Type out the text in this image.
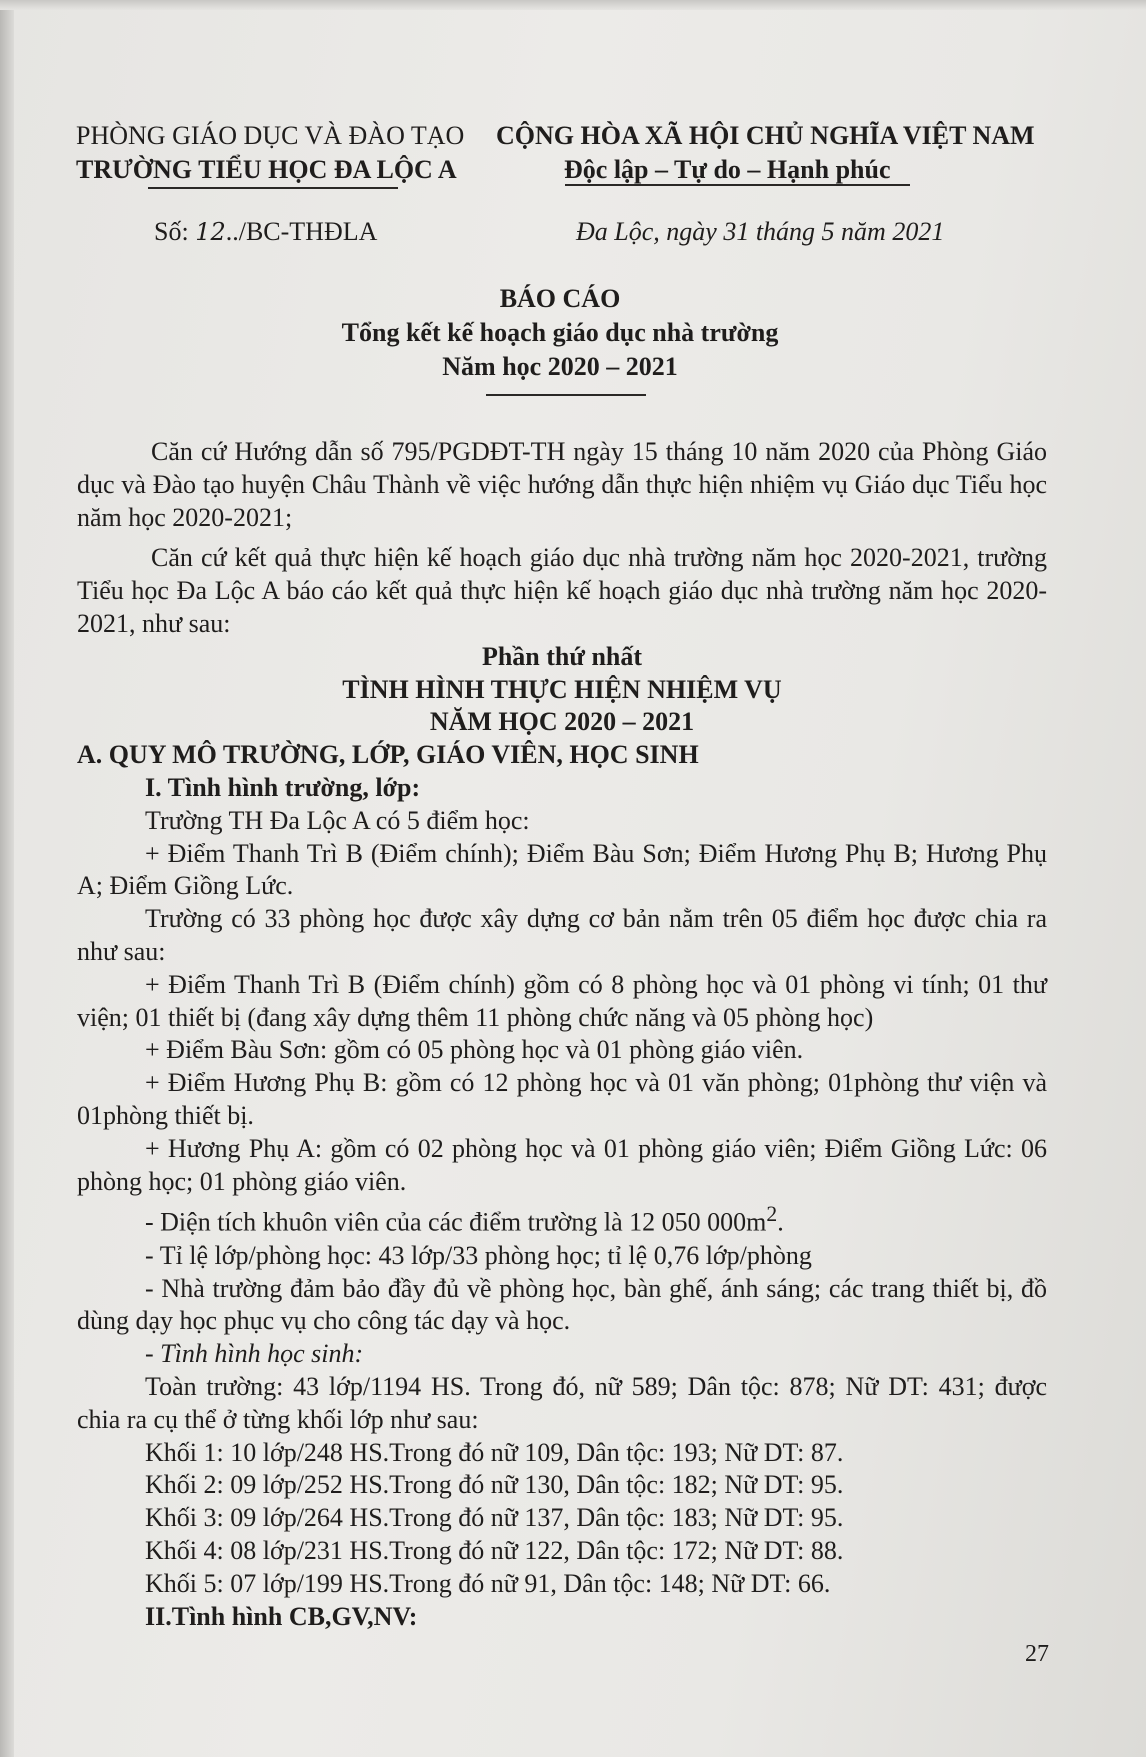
PHÒNG GIÁO DỤC VÀ ĐÀO TẠO
TRƯỜNG TIỂU HỌC ĐA LỘC A
CỘNG HÒA XÃ HỘI CHỦ NGHĨA VIỆT NAM
Độc lập – Tự do – Hạnh phúc
Số: 12../BC-THĐLA	Đa Lộc, ngày 31 tháng 5 năm 2021
BÁO CÁO
Tổng kết kế hoạch giáo dục nhà trường
Năm học 2020 – 2021

Căn cứ Hướng dẫn số 795/PGDĐT-TH ngày 15 tháng 10 năm 2020 của Phòng Giáo dục và Đào tạo huyện Châu Thành về việc hướng dẫn thực hiện nhiệm vụ Giáo dục Tiểu học năm học 2020-2021;

Căn cứ kết quả thực hiện kế hoạch giáo dục nhà trường năm học 2020-2021, trường Tiểu học Đa Lộc A báo cáo kết quả thực hiện kế hoạch giáo dục nhà trường năm học 2020-2021, như sau:

Phần thứ nhất

TÌNH HÌNH THỰC HIỆN NHIỆM VỤ

NĂM HỌC 2020 – 2021

A. QUY MÔ TRƯỜNG, LỚP, GIÁO VIÊN, HỌC SINH

I. Tình hình trường, lớp:

Trường TH Đa Lộc A có 5 điểm học:

+ Điểm Thanh Trì B (Điểm chính); Điểm Bàu Sơn; Điểm Hương Phụ B; Hương Phụ A; Điểm Giồng Lức.

Trường có 33 phòng học được xây dựng cơ bản nằm trên 05 điểm học được chia ra như sau:

+ Điểm Thanh Trì B (Điểm chính) gồm có 8 phòng học và 01 phòng vi tính; 01 thư viện; 01 thiết bị (đang xây dựng thêm 11 phòng chức năng và 05 phòng học)

+ Điểm Bàu Sơn: gồm có 05 phòng học và 01 phòng giáo viên.

+ Điểm Hương Phụ B: gồm có 12 phòng học và 01 văn phòng; 01phòng thư viện và 01phòng thiết bị.

+ Hương Phụ A: gồm có 02 phòng học và 01 phòng giáo viên; Điểm Giồng Lức: 06 phòng học; 01 phòng giáo viên.

- Diện tích khuôn viên của các điểm trường là 12 050 $000m^2$.

- Tỉ lệ lớp/phòng học: 43 lớp/33 phòng học; tỉ lệ 0,76 lớp/phòng

- Nhà trường đảm bảo đầy đủ về phòng học, bàn ghế, ánh sáng; các trang thiết bị, đồ dùng dạy học phục vụ cho công tác dạy và học.

- Tình hình học sinh:

Toàn trường: 43 lớp/1194 HS. Trong đó, nữ 589; Dân tộc: 878; Nữ DT: 431; được chia ra cụ thể ở từng khối lớp như sau:

Khối 1: 10 lớp/248 HS.Trong đó nữ 109, Dân tộc: 193; Nữ DT: 87.

Khối 2: 09 lớp/252 HS.Trong đó nữ 130, Dân tộc: 182; Nữ DT: 95.

Khối 3: 09 lớp/264 HS.Trong đó nữ 137, Dân tộc: 183; Nữ DT: 95.

Khối 4: 08 lớp/231 HS.Trong đó nữ 122, Dân tộc: 172; Nữ DT: 88.

Khối 5: 07 lớp/199 HS.Trong đó nữ 91, Dân tộc: 148; Nữ DT: 66.

II.Tình hình CB,GV,NV:

27
